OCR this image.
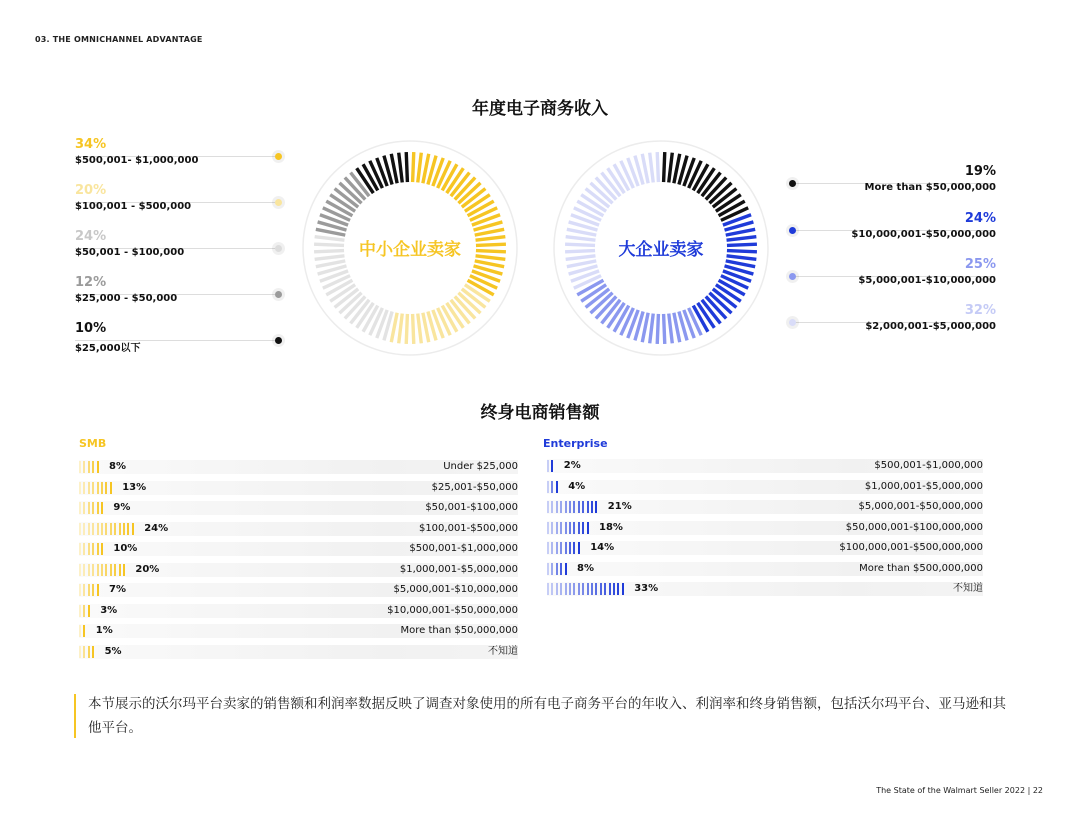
03. THE OMNICHANNEL ADVANTAGE
年度电子商务收入
34%
$500,001- $1,000,000
20%
$100,001 - $500,000
24%
$50,001 - $100,000
12%
$25,000 - $50,000
10%
$25,000以下
中小企业卖家	大企业卖家
19%
More than $50,000,000
24%
$10,000,001-$50,000,000
25%
$5,000,001-$10,000,000
32%
$2,000,001-$5,000,000
终身电商销售额
SMB	Enterprise
8%	Under $25,000
13%	$25,001-$50,000
9%	$50,001-$100,000
24%	$100,001-$500,000
10%	$500,001-$1,000,000
20%	$1,000,001-$5,000,000
7%	$5,000,001-$10,000,000
3%	$10,000,001-$50,000,000
1%	More than $50,000,000
5%	不知道
2%	$500,001-$1,000,000
4%	$1,000,001-$5,000,000
21%	$5,000,001-$50,000,000
18%	$50,000,001-$100,000,000
14%	$100,000,001-$500,000,000
8%	More than $500,000,000
33%	不知道
本节展示的沃尔玛平台卖家的销售额和利润率数据反映了调查对象使用的所有电子商务平台的年收入、利润率和终身销售额，包括沃尔玛平台、亚马逊和其他平台。
The State of the Walmart Seller 2022 | 22
